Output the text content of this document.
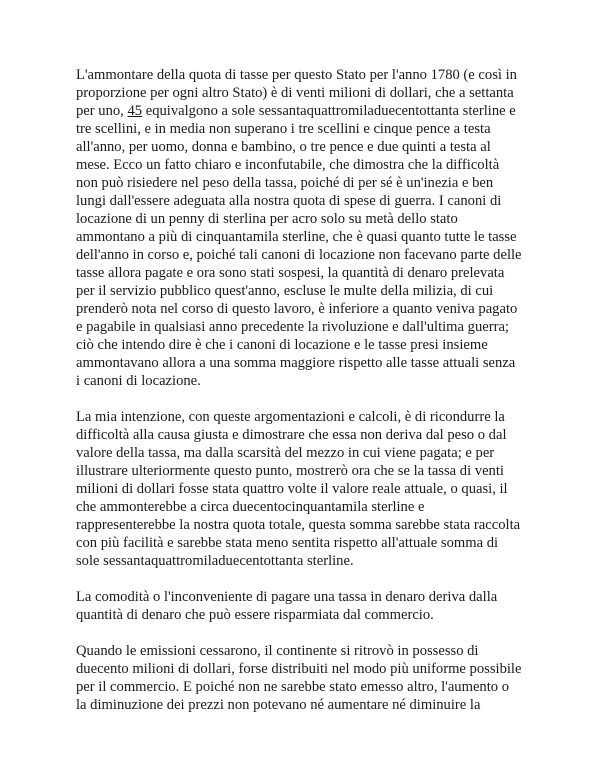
L'ammontare della quota di tasse per questo Stato per l'anno 1780 (e così in
proporzione per ogni altro Stato) è di venti milioni di dollari, che a settanta
per uno, 45 equivalgono a sole sessantaquattromiladuecentottanta sterline e
tre scellini, e in media non superano i tre scellini e cinque pence a testa
all'anno, per uomo, donna e bambino, o tre pence e due quinti a testa al
mese. Ecco un fatto chiaro e inconfutabile, che dimostra che la difficoltà
non può risiedere nel peso della tassa, poiché di per sé è un'inezia e ben
lungi dall'essere adeguata alla nostra quota di spese di guerra. I canoni di
locazione di un penny di sterlina per acro solo su metà dello stato
ammontano a più di cinquantamila sterline, che è quasi quanto tutte le tasse
dell'anno in corso e, poiché tali canoni di locazione non facevano parte delle
tasse allora pagate e ora sono stati sospesi, la quantità di denaro prelevata
per il servizio pubblico quest'anno, escluse le multe della milizia, di cui
prenderò nota nel corso di questo lavoro, è inferiore a quanto veniva pagato
e pagabile in qualsiasi anno precedente la rivoluzione e dall'ultima guerra;
ciò che intendo dire è che i canoni di locazione e le tasse presi insieme
ammontavano allora a una somma maggiore rispetto alle tasse attuali senza
i canoni di locazione.

La mia intenzione, con queste argomentazioni e calcoli, è di ricondurre la
difficoltà alla causa giusta e dimostrare che essa non deriva dal peso o dal
valore della tassa, ma dalla scarsità del mezzo in cui viene pagata; e per
illustrare ulteriormente questo punto, mostrerò ora che se la tassa di venti
milioni di dollari fosse stata quattro volte il valore reale attuale, o quasi, il
che ammonterebbe a circa duecentocinquantamila sterline e
rappresenterebbe la nostra quota totale, questa somma sarebbe stata raccolta
con più facilità e sarebbe stata meno sentita rispetto all'attuale somma di
sole sessantaquattromiladuecentottanta sterline.

La comodità o l'inconveniente di pagare una tassa in denaro deriva dalla
quantità di denaro che può essere risparmiata dal commercio.

Quando le emissioni cessarono, il continente si ritrovò in possesso di
duecento milioni di dollari, forse distribuiti nel modo più uniforme possibile
per il commercio. E poiché non ne sarebbe stato emesso altro, l'aumento o
la diminuzione dei prezzi non potevano né aumentare né diminuire la
